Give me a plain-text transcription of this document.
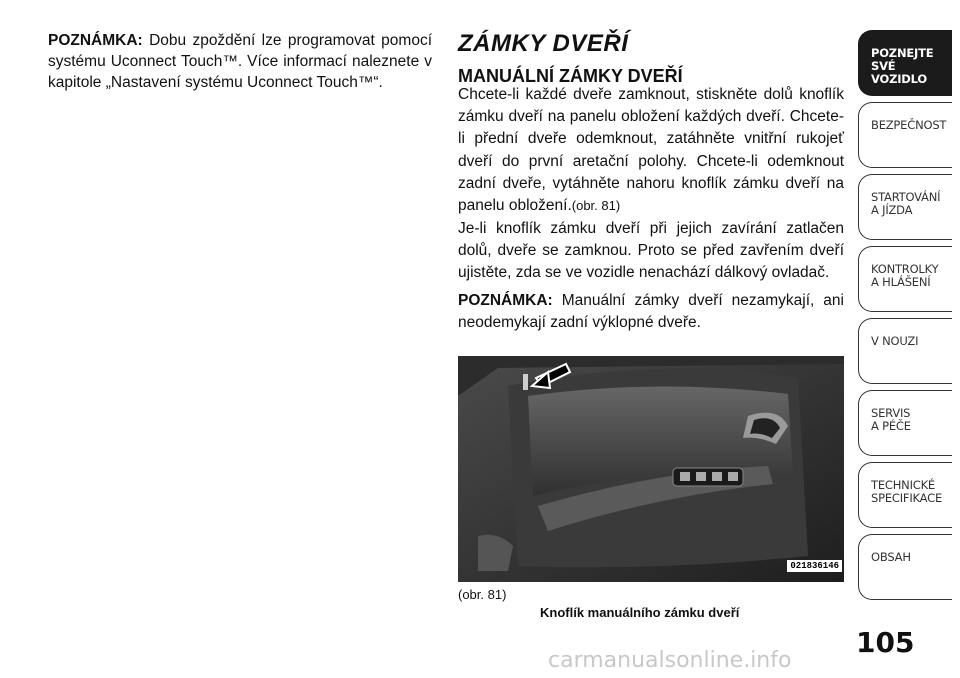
POZNÁMKA: Dobu zpoždění lze programovat pomocí systému Uconnect Touch™. Více informací naleznete v kapitole „Nastavení systému Uconnect Touch™“.
ZÁMKY DVEŘÍ
MANUÁLNÍ ZÁMKY DVEŘÍ
Chcete-li každé dveře zamknout, stiskněte dolů knoflík zámku dveří na panelu obložení každých dveří. Chcete-li přední dveře odemknout, zatáhněte vnitřní rukojeť dveří do první aretační polohy. Chcete-li odemknout zadní dveře, vytáhněte nahoru knoflík zámku dveří na panelu obložení.(obr. 81)
Je-li knoflík zámku dveří při jejich zavírání zatlačen dolů, dveře se zamknou. Proto se před zavřením dveří ujistěte, zda se ve vozidle nenachází dálkový ovladač.
POZNÁMKA: Manuální zámky dveří nezamykají, ani neodemykají zadní výklopné dveře.
021836146
(obr. 81)
Knoflík manuálního zámku dveří
POZNEJTE
SVÉ VOZIDLO
BEZPEČNOST
STARTOVÁNÍ
A JÍZDA
KONTROLKY
A HLÁŠENÍ
V NOUZI
SERVIS
A PÉČE
TECHNICKÉ
SPECIFIKACE
OBSAH
105
carmanualsonline.info
